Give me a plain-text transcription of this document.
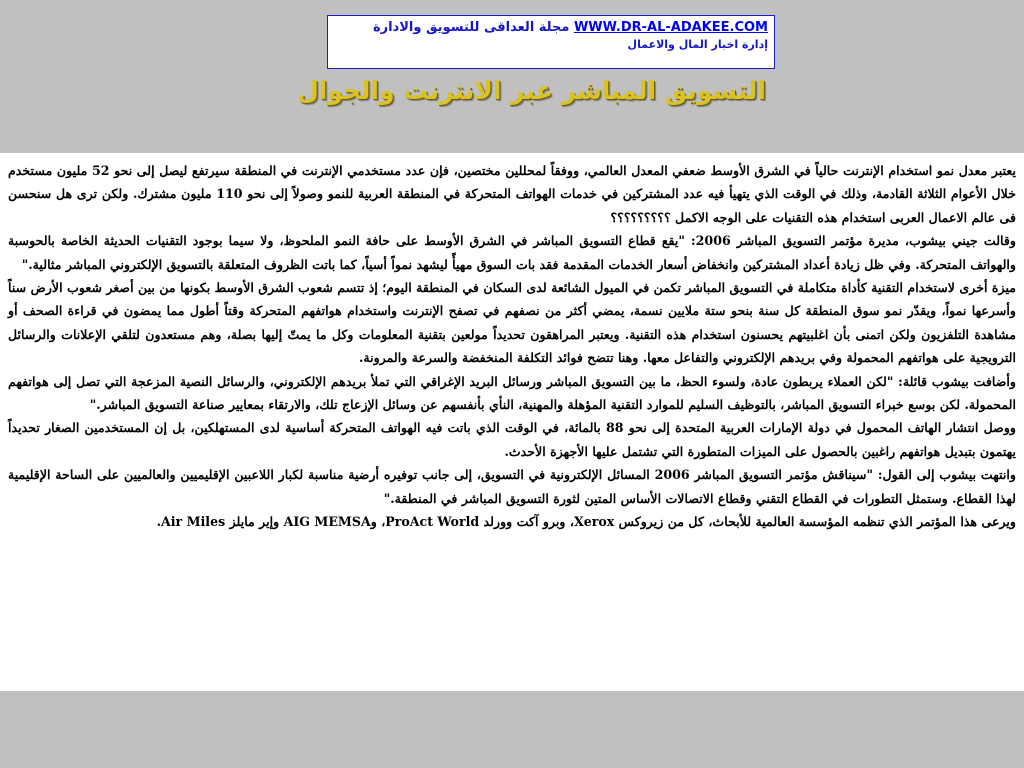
WWW.DR-AL-ADAKEE.COM مجلة العداقى للتسويق والادارة
إدارة اخبار المال والاعمال
التسويق المباشر عبر الانترنت والجوال

يعتبر معدل نمو استخدام الإنترنت حالياً في الشرق الأوسط ضعفي المعدل العالمي، ووفقاً لمحللين مختصين، فإن عدد مستخدمي الإنترنت في المنطقة سيرتفع ليصل إلى نحو 52 مليون مستخدم خلال الأعوام الثلاثة القادمة، وذلك في الوقت الذي يتهيأ فيه عدد المشتركين في خدمات الهواتف المتحركة في المنطقة العربية للنمو وصولاً إلى نحو 110 مليون مشترك. ولكن ترى هل سنحسن فى عالم الاعمال العربى استخدام هذه التقنيات على الوجه الاكمل ؟؟؟؟؟؟؟؟؟

وقالت جيني بيشوب، مديرة مؤتمر التسويق المباشر 2006: "يقع قطاع التسويق المباشر في الشرق الأوسط على حافة النمو الملحوظ، ولا سيما بوجود التقنيات الحديثة الخاصة بالحوسبة والهواتف المتحركة. وفي ظل زيادة أعداد المشتركين وانخفاض أسعار الخدمات المقدمة فقد بات السوق مهيأً ليشهد نمواً أسياً، كما باتت الظروف المتعلقة بالتسويق الإلكتروني المباشر مثالية."

ميزة أخرى لاستخدام التقنية كأداة متكاملة في التسويق المباشر تكمن في الميول الشائعة لدى السكان في المنطقة اليوم؛ إذ تتسم شعوب الشرق الأوسط بكونها من بين أصغر شعوب الأرض سناً وأسرعها نمواً، ويقدّر نمو سوق المنطقة كل سنة بنحو ستة ملايين نسمة، يمضي أكثر من نصفهم في تصفح الإنترنت واستخدام هواتفهم المتحركة وقتاً أطول مما يمضون في قراءة الصحف أو مشاهدة التلفزيون ولكن اتمنى بأن اغلبيتهم يحسنون استخدام هذه التقنية. ويعتبر المراهقون تحديداً مولعين بتقنية المعلومات وكل ما يمتّ إليها بصلة، وهم مستعدون لتلقي الإعلانات والرسائل الترويجية على هواتفهم المحمولة وفي بريدهم الإلكتروني والتفاعل معها. وهنا تتضح فوائد التكلفة المنخفضة والسرعة والمرونة.

وأضافت بيشوب قائلة: "لكن العملاء يربطون عادة، ولسوء الحظ، ما بين التسويق المباشر ورسائل البريد الإغراقي التي تملأ بريدهم الإلكتروني، والرسائل النصية المزعجة التي تصل إلى هواتفهم المحمولة. لكن بوسع خبراء التسويق المباشر، بالتوظيف السليم للموارد التقنية المؤهلة والمهنية، النأي بأنفسهم عن وسائل الإزعاج تلك، والارتقاء بمعايير صناعة التسويق المباشر."

ووصل انتشار الهاتف المحمول في دولة الإمارات العربية المتحدة إلى نحو 88 بالمائة، في الوقت الذي باتت فيه الهواتف المتحركة أساسية لدى المستهلكين، بل إن المستخدمين الصغار تحديداً يهتمون بتبديل هواتفهم راغبين بالحصول على الميزات المتطورة التي تشتمل عليها الأجهزة الأحدث.

وانتهت بيشوب إلى القول: "سيناقش مؤتمر التسويق المباشر 2006 المسائل الإلكترونية في التسويق، إلى جانب توفيره أرضية مناسبة لكبار اللاعبين الإقليميين والعالميين على الساحة الإقليمية لهذا القطاع. وستمثل التطورات في القطاع التقني وقطاع الاتصالات الأساس المتين لثورة التسويق المباشر في المنطقة."

ويرعى هذا المؤتمر الذي تنظمه المؤسسة العالمية للأبحاث، كل من زيروكس Xerox، وبرو آكت وورلد ProAct World، وAIG MEMSA وإير مايلز Air Miles.
